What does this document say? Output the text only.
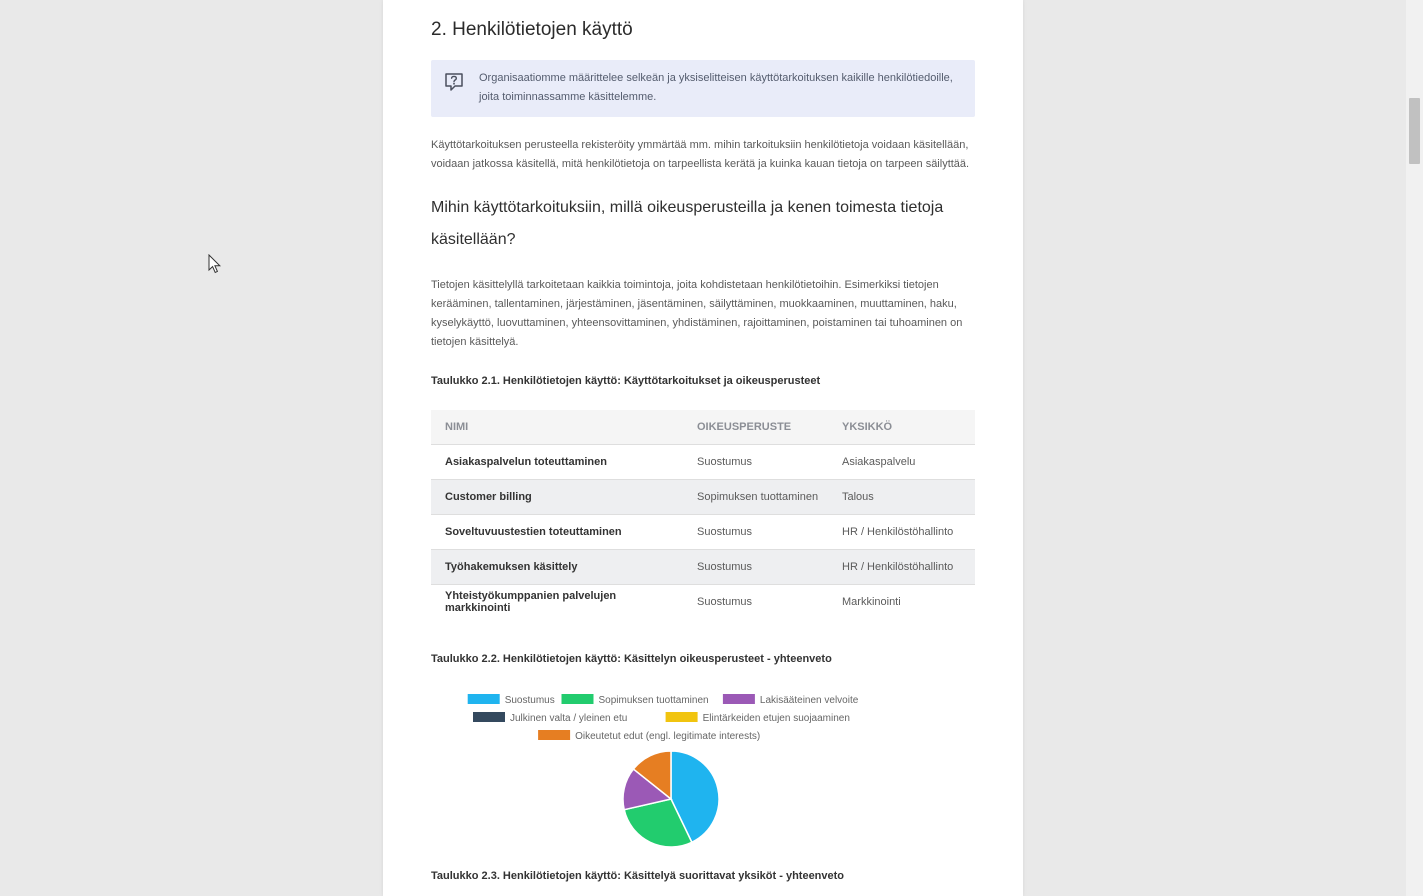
2. Henkilötietojen käyttö

Organisaatiomme määrittelee selkeän ja yksiselitteisen käyttötarkoituksen kaikille henkilötiedoille, joita toiminnassamme käsittelemme.

Käyttötarkoituksen perusteella rekisteröity ymmärtää mm. mihin tarkoituksiin henkilötietoja voidaan käsitellään, voidaan jatkossa käsitellä, mitä henkilötietoja on tarpeellista kerätä ja kuinka kauan tietoja on tarpeen säilyttää.

Mihin käyttötarkoituksiin, millä oikeusperusteilla ja kenen toimesta tietoja käsitellään?

Tietojen käsittelyllä tarkoitetaan kaikkia toimintoja, joita kohdistetaan henkilötietoihin. Esimerkiksi tietojen kerääminen, tallentaminen, järjestäminen, jäsentäminen, säilyttäminen, muokkaaminen, muuttaminen, haku, kyselykäyttö, luovuttaminen, yhteensovittaminen, yhdistäminen, rajoittaminen, poistaminen tai tuhoaminen on tietojen käsittelyä.

Taulukko 2.1. Henkilötietojen käyttö: Käyttötarkoitukset ja oikeusperusteet

NIMI	OIKEUSPERUSTE	YKSIKKÖ
Asiakaspalvelun toteuttaminen	Suostumus	Asiakaspalvelu
Customer billing	Sopimuksen tuottaminen	Talous
Soveltuvuustestien toteuttaminen	Suostumus	HR / Henkilöstöhallinto
Työhakemuksen käsittely	Suostumus	HR / Henkilöstöhallinto
Yhteistyökumppanien palvelujen markkinointi	Suostumus	Markkinointi

Taulukko 2.2. Henkilötietojen käyttö: Käsittelyn oikeusperusteet - yhteenveto

Suostumus	Sopimuksen tuottaminen	Lakisääteinen velvoite
Julkinen valta / yleinen etu	Elintärkeiden etujen suojaaminen
Oikeutetut edut (engl. legitimate interests)

Taulukko 2.3. Henkilötietojen käyttö: Käsittelyä suorittavat yksiköt - yhteenveto
